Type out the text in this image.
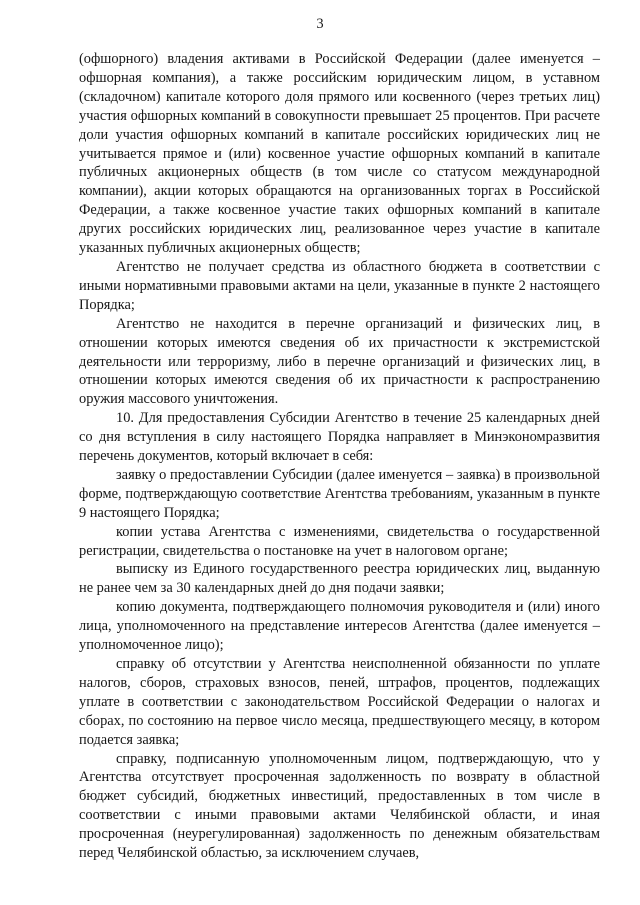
3

(офшорного) владения активами в Российской Федерации (далее именуется – офшорная компания), а также российским юридическим лицом, в уставном (складочном) капитале которого доля прямого или косвенного (через третьих лиц) участия офшорных компаний в совокупности превышает 25 процентов. При расчете доли участия офшорных компаний в капитале российских юридических лиц не учитывается прямое и (или) косвенное участие офшорных компаний в капитале публичных акционерных обществ (в том числе со статусом международной компании), акции которых обращаются на организованных торгах в Российской Федерации, а также косвенное участие таких офшорных компаний в капитале других российских юридических лиц, реализованное через участие в капитале указанных публичных акционерных обществ;

Агентство не получает средства из областного бюджета в соответствии с иными нормативными правовыми актами на цели, указанные в пункте 2 настоящего Порядка;

Агентство не находится в перечне организаций и физических лиц, в отношении которых имеются сведения об их причастности к экстремистской деятельности или терроризму, либо в перечне организаций и физических лиц, в отношении которых имеются сведения об их причастности к распространению оружия массового уничтожения.

10. Для предоставления Субсидии Агентство в течение 25 календарных дней со дня вступления в силу настоящего Порядка направляет в Минэкономразвития перечень документов, который включает в себя:

заявку о предоставлении Субсидии (далее именуется – заявка) в произвольной форме, подтверждающую соответствие Агентства требованиям, указанным в пункте 9 настоящего Порядка;

копии устава Агентства с изменениями, свидетельства о государственной регистрации, свидетельства о постановке на учет в налоговом органе;

выписку из Единого государственного реестра юридических лиц, выданную не ранее чем за 30 календарных дней до дня подачи заявки;

копию документа, подтверждающего полномочия руководителя и (или) иного лица, уполномоченного на представление интересов Агентства (далее именуется – уполномоченное лицо);

справку об отсутствии у Агентства неисполненной обязанности по уплате налогов, сборов, страховых взносов, пеней, штрафов, процентов, подлежащих уплате в соответствии с законодательством Российской Федерации о налогах и сборах, по состоянию на первое число месяца, предшествующего месяцу, в котором подается заявка;

справку, подписанную уполномоченным лицом, подтверждающую, что у Агентства отсутствует просроченная задолженность по возврату в областной бюджет субсидий, бюджетных инвестиций, предоставленных в том числе в соответствии с иными правовыми актами Челябинской области, и иная просроченная (неурегулированная) задолженность по денежным обязательствам перед Челябинской областью, за исключением случаев,
